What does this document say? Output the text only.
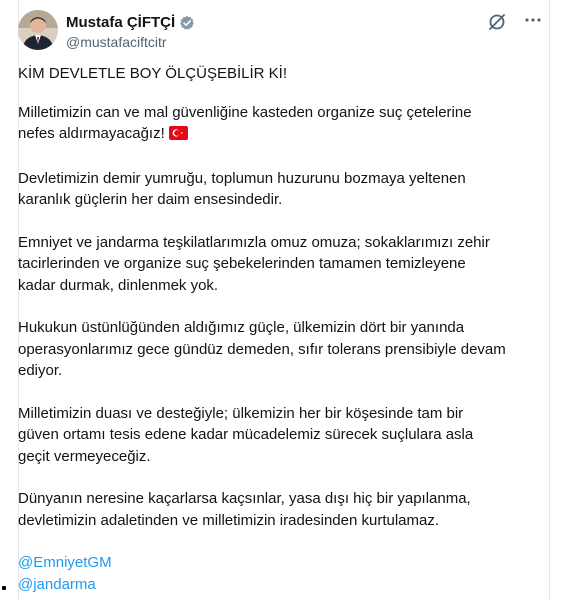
Mustafa ÇİFTÇİ
@mustafaciftcitr

KİM DEVLETLE BOY ÖLÇÜŞEBİLİR Kİ!

Milletimizin can ve mal güvenliğine kasteden organize suç çetelerine

nefes aldırmayacağız!

Devletimizin demir yumruğu, toplumun huzurunu bozmaya yeltenen

karanlık güçlerin her daim ensesindedir.

Emniyet ve jandarma teşkilatlarımızla omuz omuza; sokaklarımızı zehir

tacirlerinden ve organize suç şebekelerinden tamamen temizleyene

kadar durmak, dinlenmek yok.

Hukukun üstünlüğünden aldığımız güçle, ülkemizin dört bir yanında

operasyonlarımız gece gündüz demeden, sıfır tolerans prensibiyle devam

ediyor.

Milletimizin duası ve desteğiyle; ülkemizin her bir köşesinde tam bir

güven ortamı tesis edene kadar mücadelemiz sürecek suçlulara asla

geçit vermeyeceğiz.

Dünyanın neresine kaçarlarsa kaçsınlar, yasa dışı hiç bir yapılanma,

devletimizin adaletinden ve milletimizin iradesinden kurtulamaz.

@EmniyetGM

@jandarma
